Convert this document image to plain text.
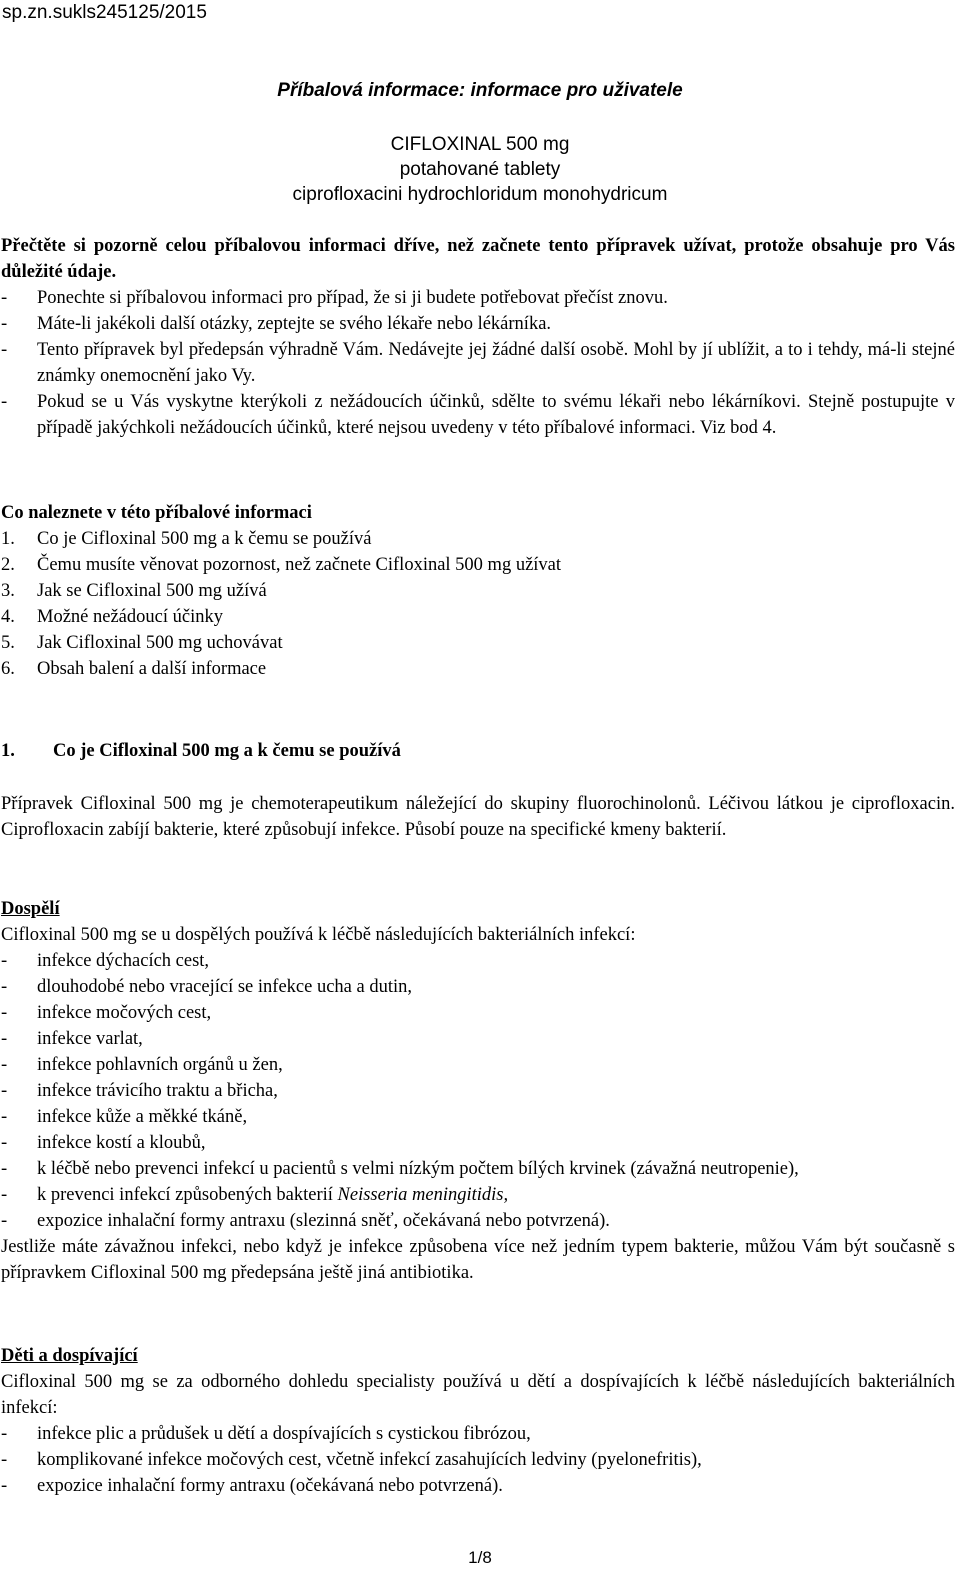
sp.zn.sukls245125/2015
Příbalová informace: informace pro uživatele
CIFLOXINAL 500 mg
potahované tablety
ciprofloxacini hydrochloridum monohydricum
Přečtěte si pozorně celou příbalovou informaci dříve, než začnete tento přípravek užívat, protože obsahuje pro Vás důležité údaje.
-	Ponechte si příbalovou informaci pro případ, že si ji budete potřebovat přečíst znovu.
-	Máte-li jakékoli další otázky, zeptejte se svého lékaře nebo lékárníka.
-	Tento přípravek byl předepsán výhradně Vám. Nedávejte jej žádné další osobě. Mohl by jí ublížit, a to i tehdy, má-li stejné známky onemocnění jako Vy.
-	Pokud se u Vás vyskytne kterýkoli z nežádoucích účinků, sdělte to svému lékaři nebo lékárníkovi. Stejně postupujte v případě jakýchkoli nežádoucích účinků, které nejsou uvedeny v této příbalové informaci. Viz bod 4.
Co naleznete v této příbalové informaci
1.	Co je Cifloxinal 500 mg a k čemu se používá
2.	Čemu musíte věnovat pozornost, než začnete Cifloxinal 500 mg užívat
3.	Jak se Cifloxinal 500 mg užívá
4.	Možné nežádoucí účinky
5.	Jak Cifloxinal 500 mg uchovávat
6.	Obsah balení a další informace
1.	Co je Cifloxinal 500 mg a k čemu se používá
Přípravek Cifloxinal 500 mg je chemoterapeutikum náležející do skupiny fluorochinolonů. Léčivou látkou je ciprofloxacin. Ciprofloxacin zabíjí bakterie, které způsobují infekce. Působí pouze na specifické kmeny bakterií.
Dospělí
Cifloxinal 500 mg se u dospělých používá k léčbě následujících bakteriálních infekcí:
-	infekce dýchacích cest,
-	dlouhodobé nebo vracející se infekce ucha a dutin,
-	infekce močových cest,
-	infekce varlat,
-	infekce pohlavních orgánů u žen,
-	infekce trávicího traktu a břicha,
-	infekce kůže a měkké tkáně,
-	infekce kostí a kloubů,
-	k léčbě nebo prevenci infekcí u pacientů s velmi nízkým počtem bílých krvinek (závažná neutropenie),
-	k prevenci infekcí způsobených bakterií Neisseria meningitidis,
-	expozice inhalační formy antraxu (slezinná sněť, očekávaná nebo potvrzená).
Jestliže máte závažnou infekci, nebo když je infekce způsobena více než jedním typem bakterie, můžou Vám být současně s přípravkem Cifloxinal 500 mg předepsána ještě jiná antibiotika.
Děti a dospívající
Cifloxinal 500 mg se za odborného dohledu specialisty používá u dětí a dospívajících k léčbě následujících bakteriálních infekcí:
-	infekce plic a průdušek u dětí a dospívajících s cystickou fibrózou,
-	komplikované infekce močových cest, včetně infekcí zasahujících ledviny (pyelonefritis),
-	expozice inhalační formy antraxu (očekávaná nebo potvrzená).
1/8
